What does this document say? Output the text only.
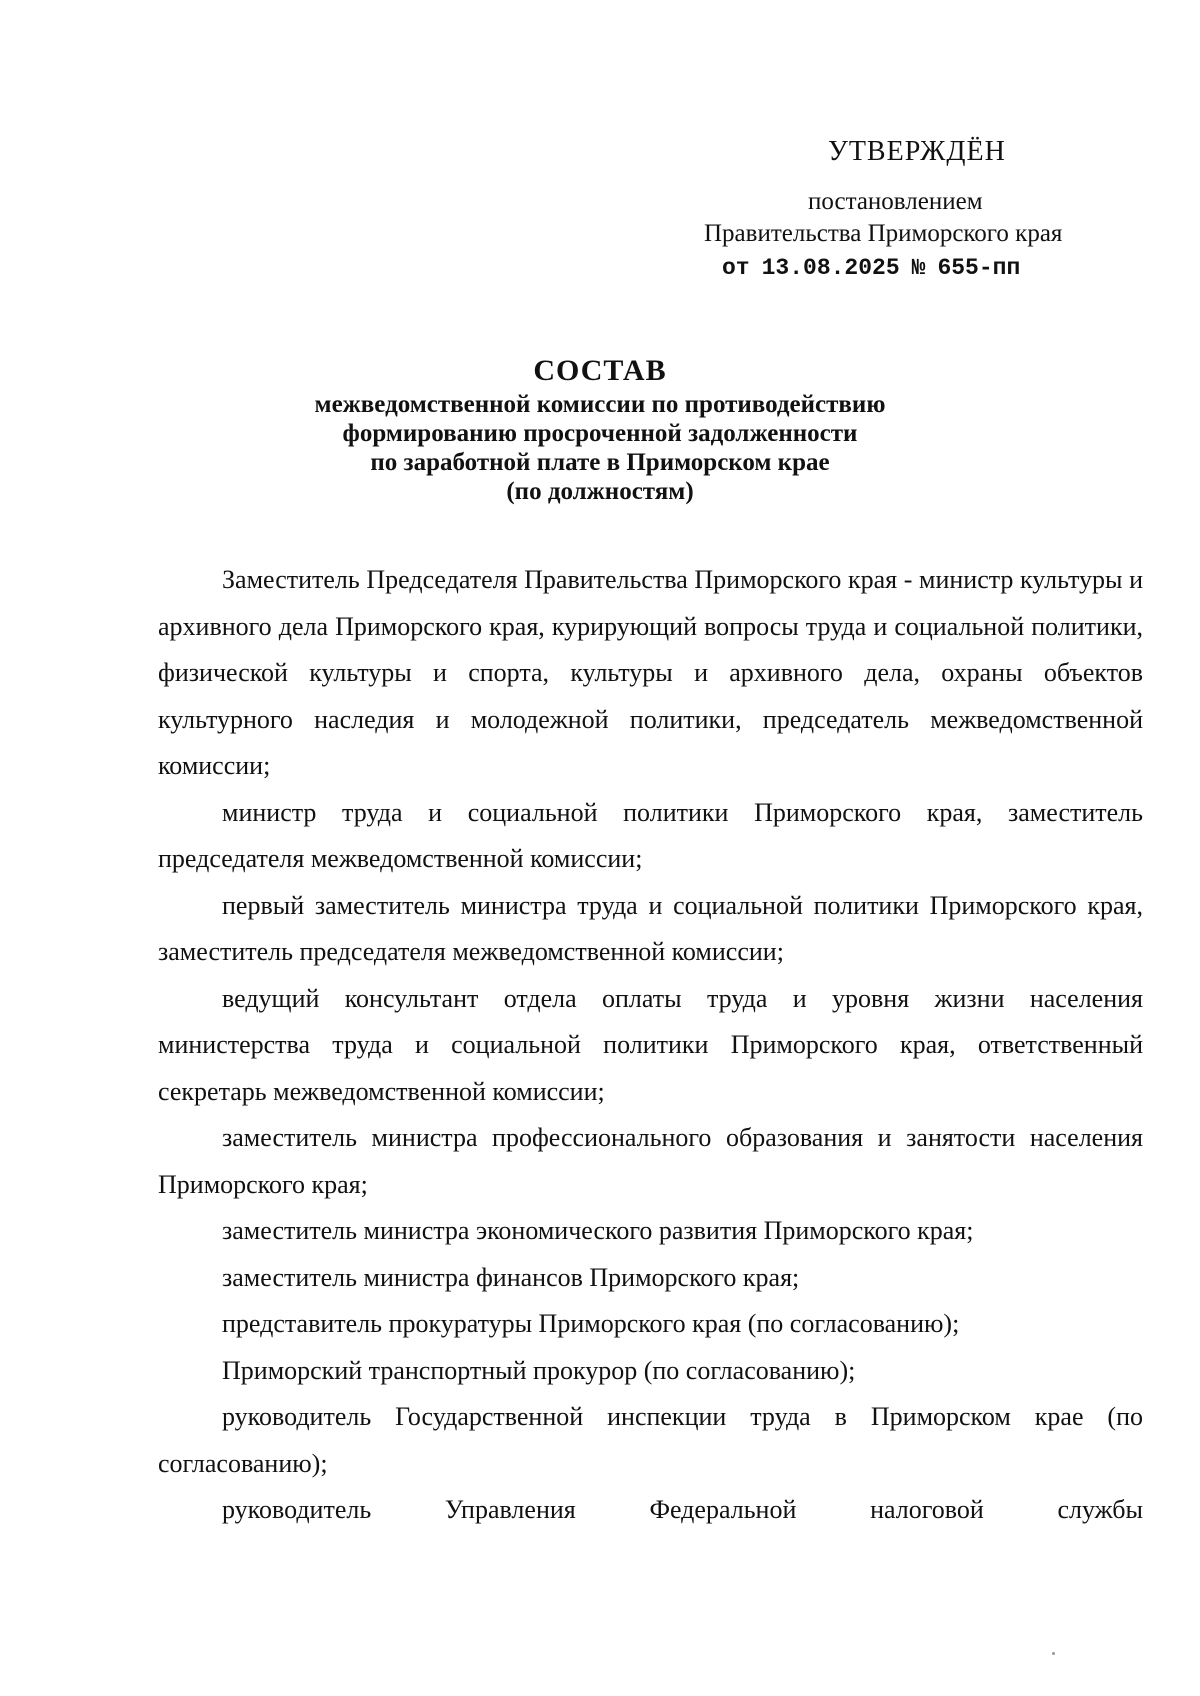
УТВЕРЖДЁН
постановлением
Правительства Приморского края
от 13.08.2025 № 655-пп
СОСТАВ
межведомственной комиссии по противодействию
формированию просроченной задолженности
по заработной плате в Приморском крае
(по должностям)

Заместитель Председателя Правительства Приморского края - министр культуры и архивного дела Приморского края, курирующий вопросы труда и социальной политики, физической культуры и спорта, культуры и архивного дела, охраны объектов культурного наследия и молодежной политики, председатель межведомственной комиссии;

министр труда и социальной политики Приморского края, заместитель председателя межведомственной комиссии;

первый заместитель министра труда и социальной политики Приморского края, заместитель председателя межведомственной комиссии;

ведущий консультант отдела оплаты труда и уровня жизни населения министерства труда и социальной политики Приморского края, ответственный секретарь межведомственной комиссии;

заместитель министра профессионального образования и занятости населения Приморского края;

заместитель министра экономического развития Приморского края;

заместитель министра финансов Приморского края;

представитель прокуратуры Приморского края (по согласованию);

Приморский транспортный прокурор (по согласованию);

руководитель Государственной инспекции труда в Приморском крае (по согласованию);

руководитель Управления Федеральной налоговой службы
